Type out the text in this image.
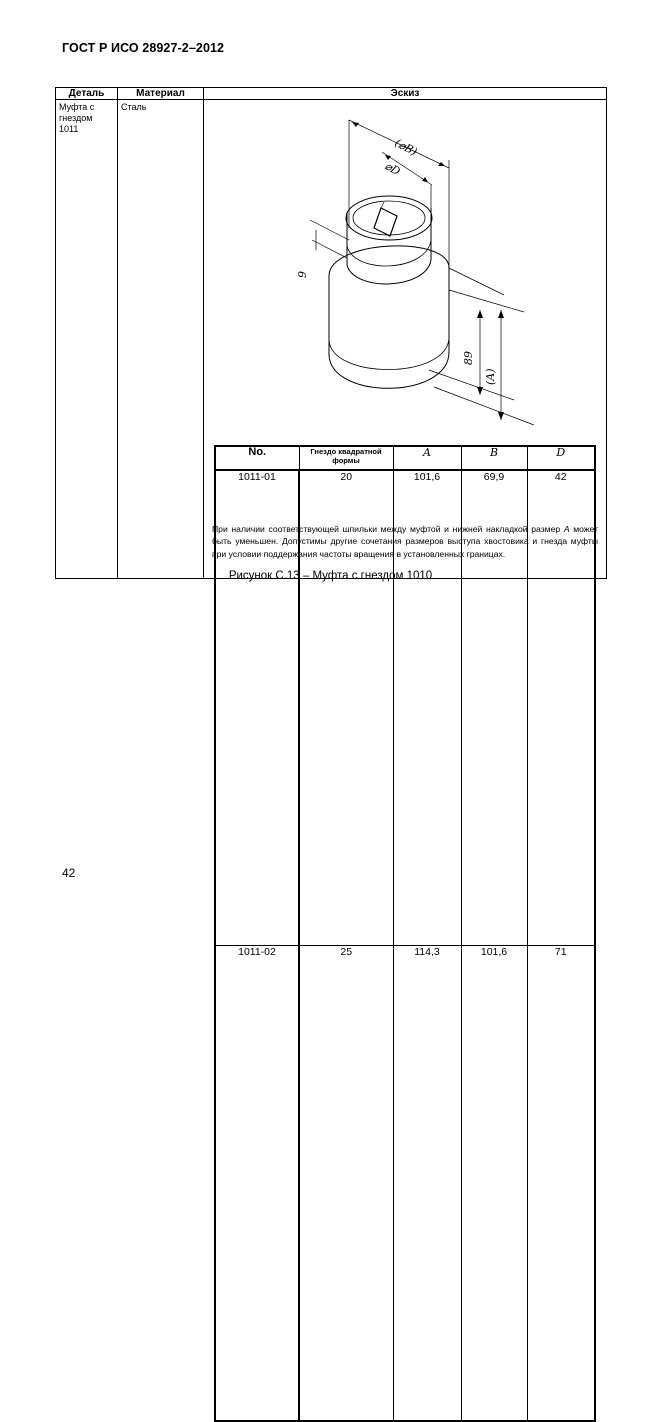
ГОСТ Р ИСО 28927-2–2012
Деталь	Материал	Эскиз
Муфта с гнездом 1011	Сталь	
(⌀B)
⌀D
9
89
(A)
No.	Гнездо квадратной формы	A	B	D
1011-01	20	101,6	69,9	42
1011-02	25	114,3	101,6	71
При наличии соответствующей шпильки между муфтой и нижней накладкой размер A может быть уменьшен. Допустимы другие сочетания размеров выступа хвостовика и гнезда муфты при условии поддержания частоты вращения в установленных границах.
Рисунок С.13 – Муфта с гнездом 1010
42
